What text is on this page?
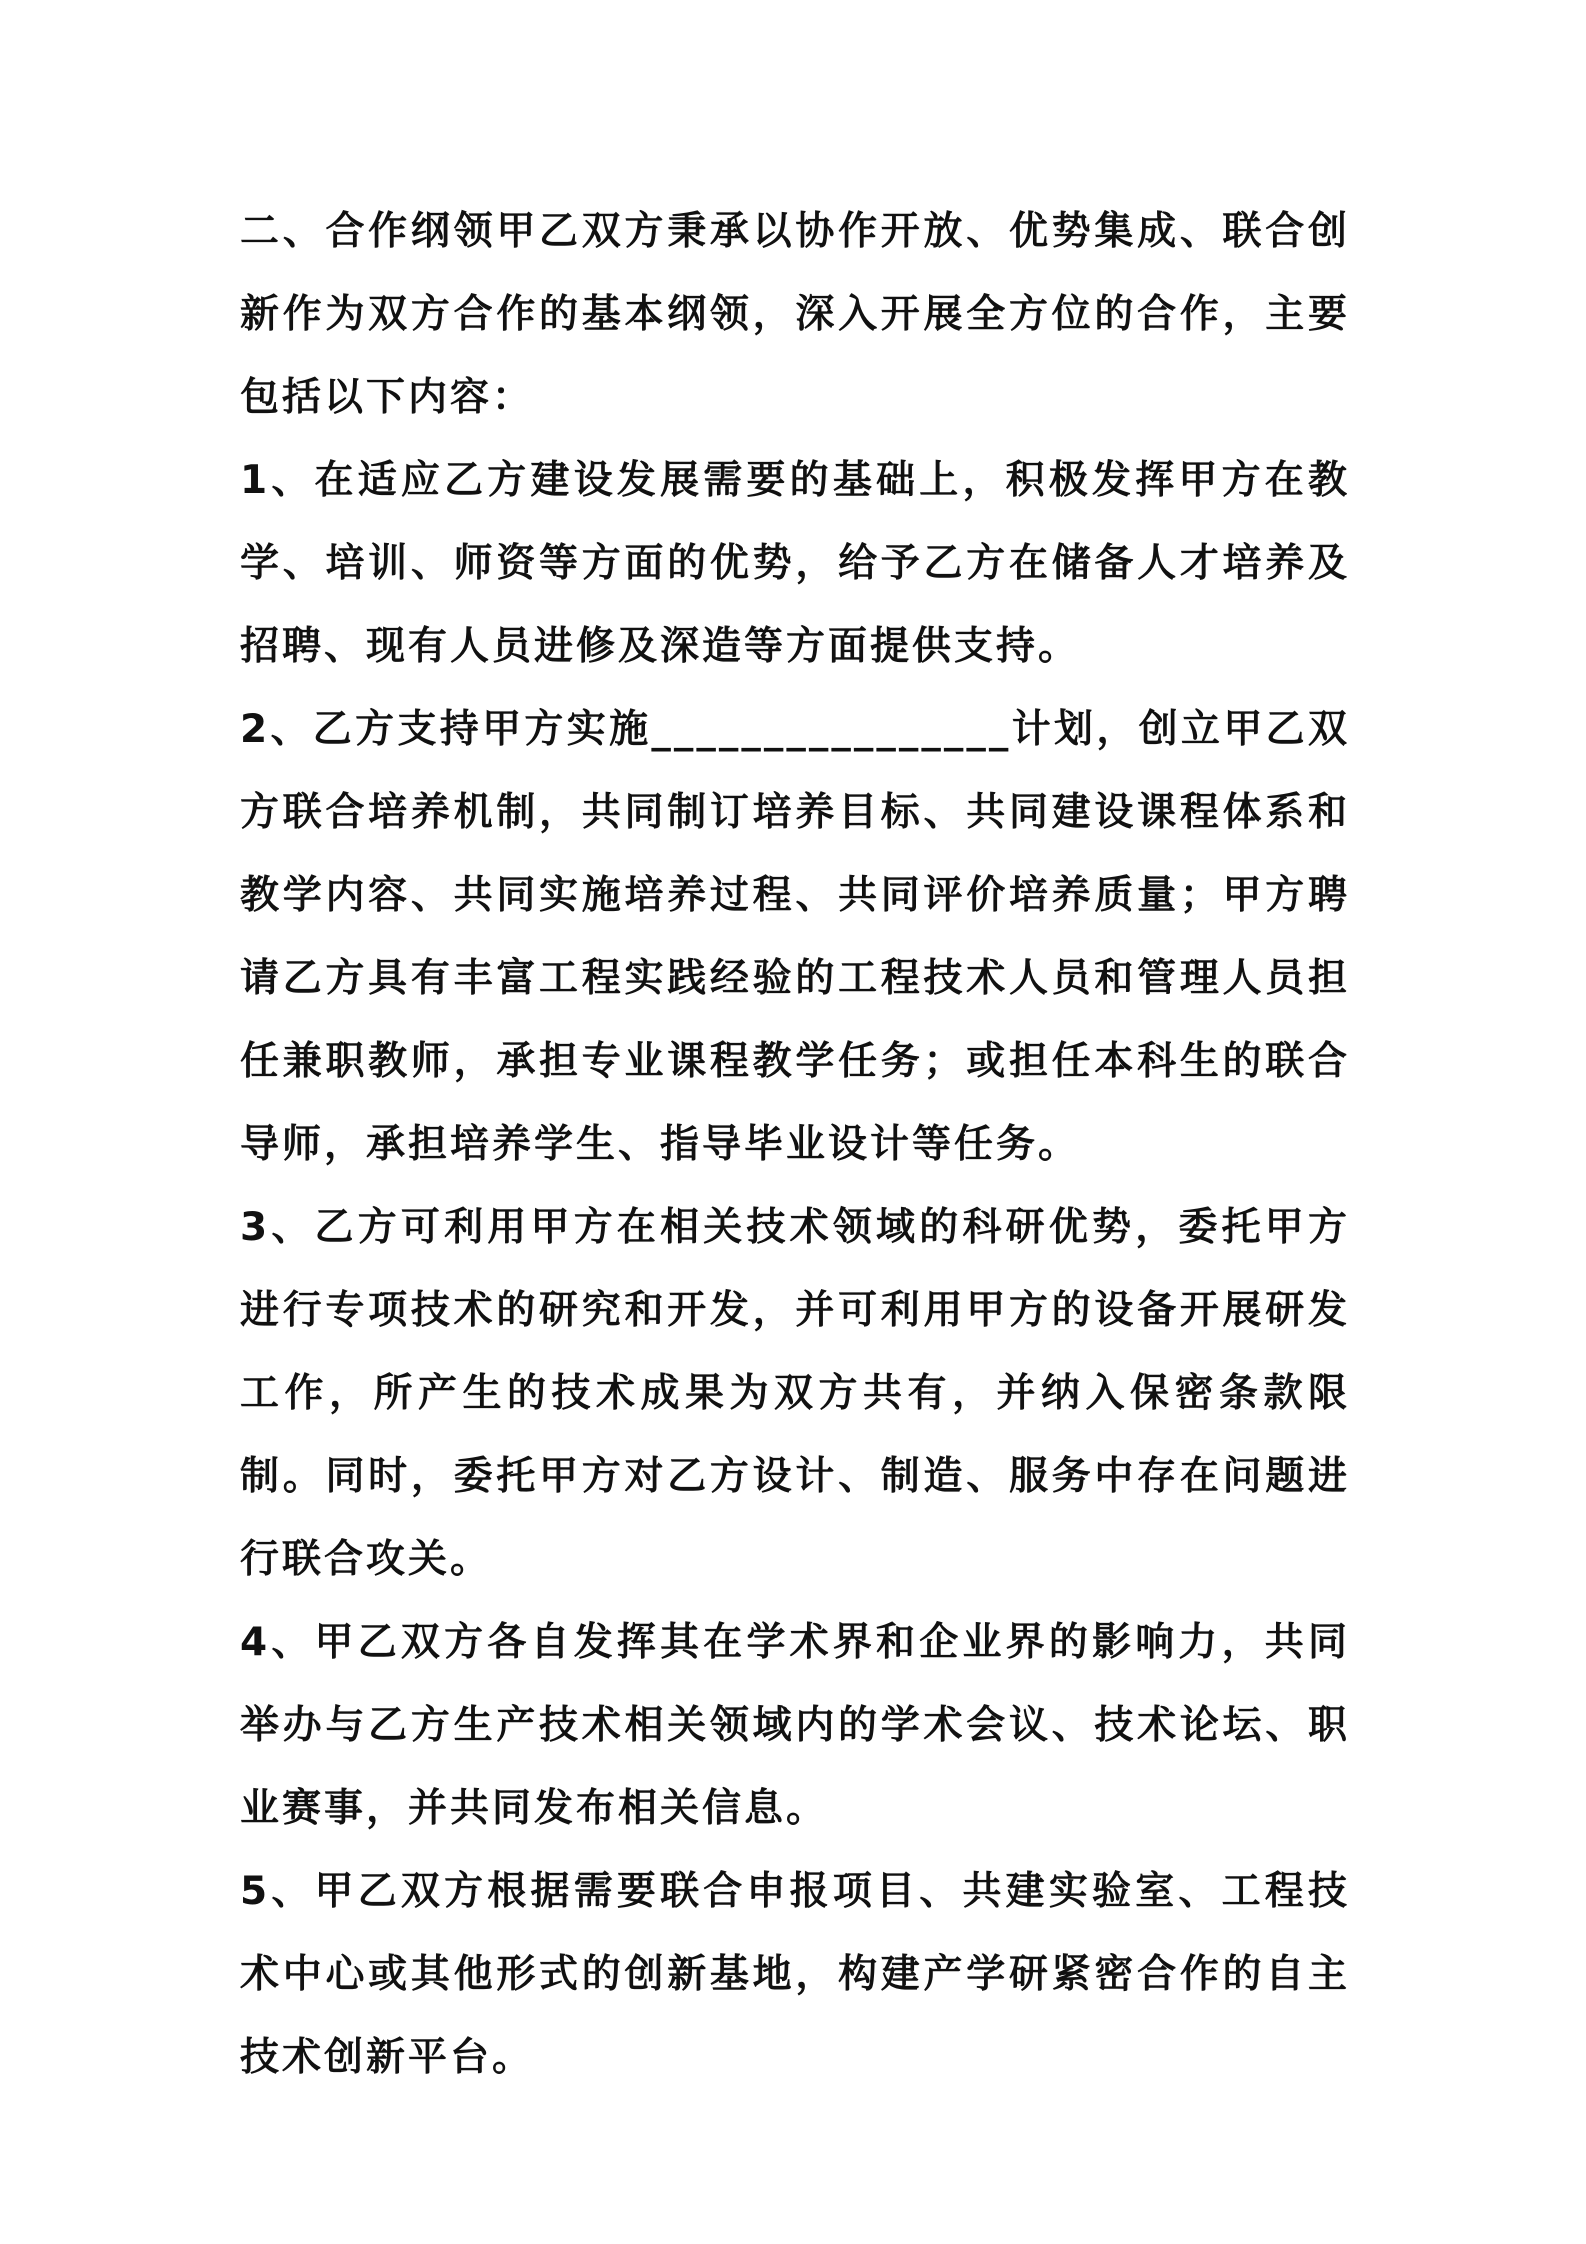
二、合作纲领甲乙双方秉承以协作开放、优势集成、联合创新作为双方合作的基本纲领，深入开展全方位的合作，主要包括以下内容：

1、在适应乙方建设发展需要的基础上，积极发挥甲方在教学、培训、师资等方面的优势，给予乙方在储备人才培养及招聘、现有人员进修及深造等方面提供支持。

2、乙方支持甲方实施________________计划，创立甲乙双方联合培养机制，共同制订培养目标、共同建设课程体系和教学内容、共同实施培养过程、共同评价培养质量；甲方聘请乙方具有丰富工程实践经验的工程技术人员和管理人员担任兼职教师，承担专业课程教学任务；或担任本科生的联合导师，承担培养学生、指导毕业设计等任务。

3、乙方可利用甲方在相关技术领域的科研优势，委托甲方进行专项技术的研究和开发，并可利用甲方的设备开展研发工作，所产生的技术成果为双方共有，并纳入保密条款限制。同时，委托甲方对乙方设计、制造、服务中存在问题进行联合攻关。

4、甲乙双方各自发挥其在学术界和企业界的影响力，共同举办与乙方生产技术相关领域内的学术会议、技术论坛、职业赛事，并共同发布相关信息。

5、甲乙双方根据需要联合申报项目、共建实验室、工程技术中心或其他形式的创新基地，构建产学研紧密合作的自主技术创新平台。
